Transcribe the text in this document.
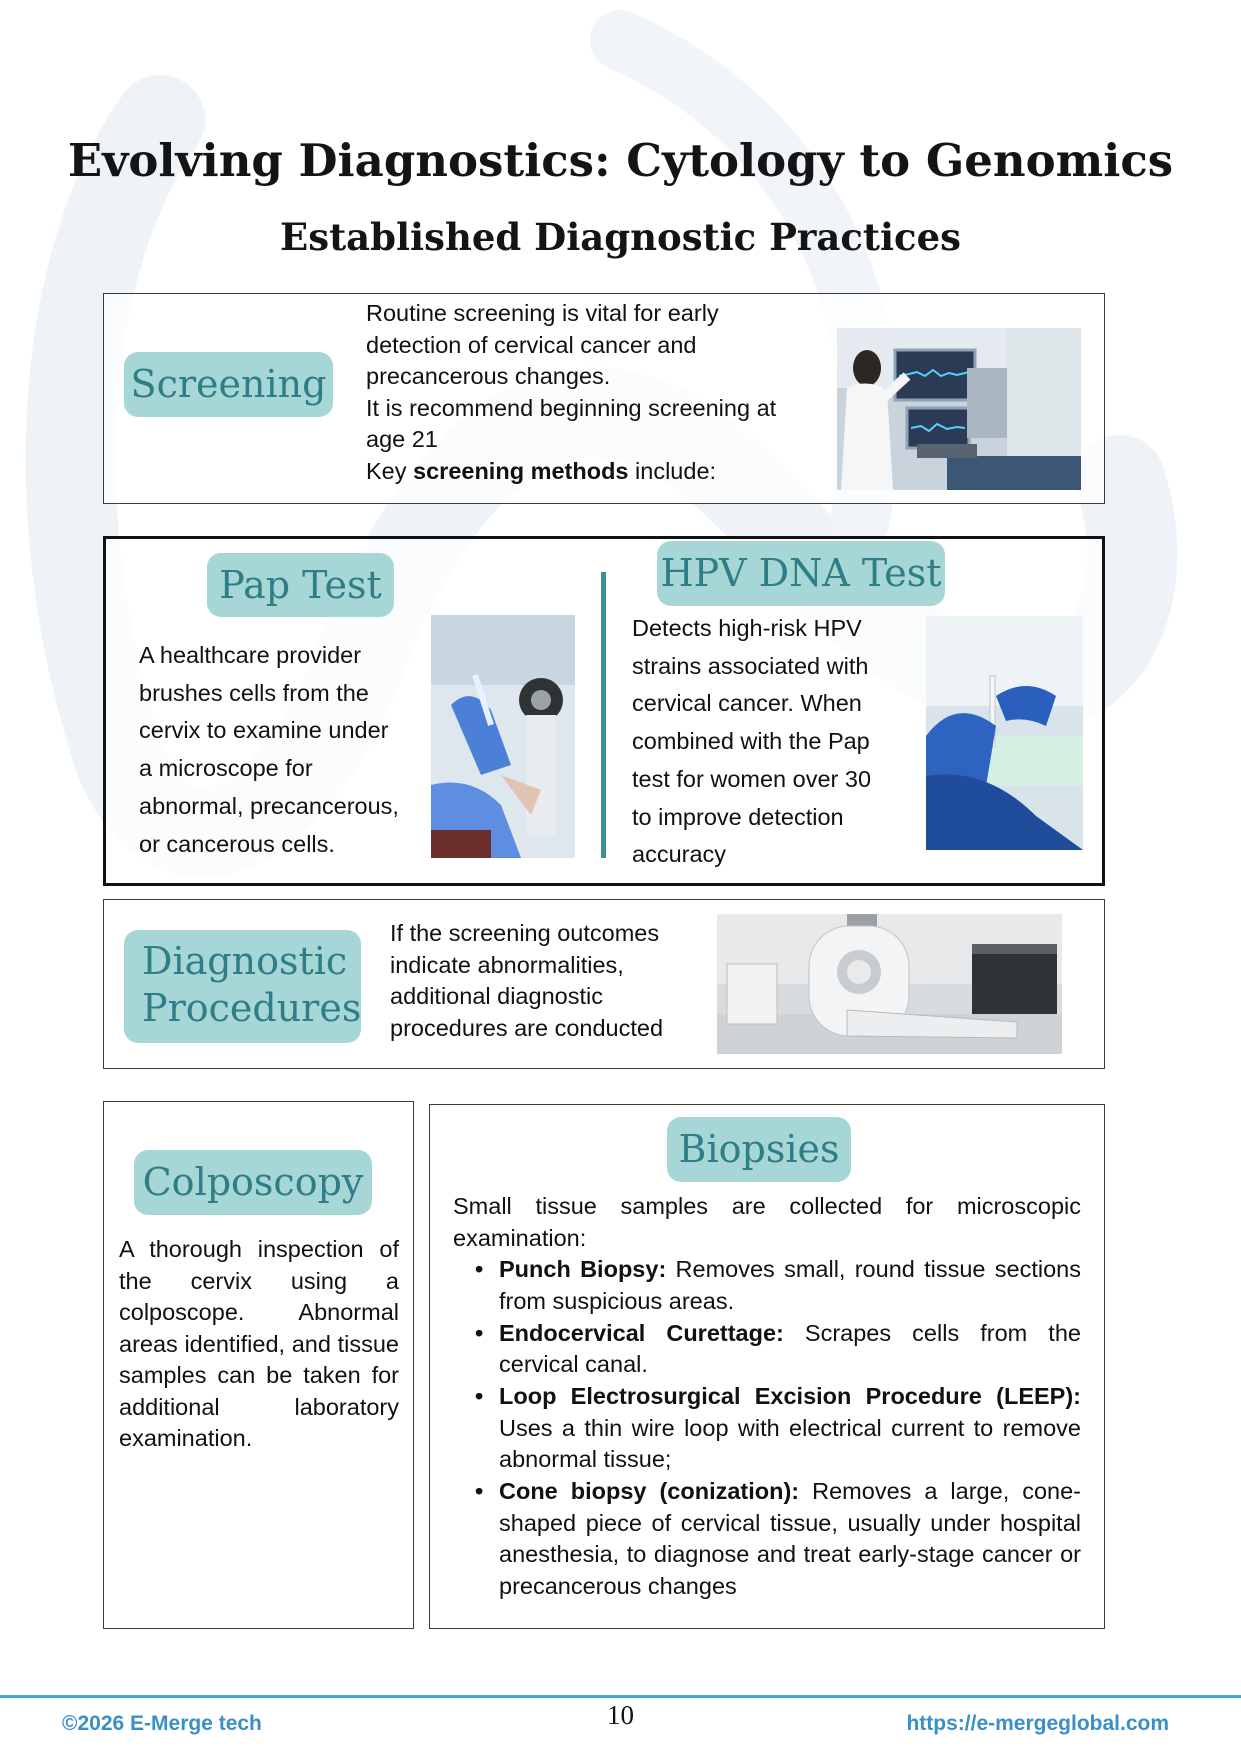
Evolving Diagnostics: Cytology to Genomics
Established Diagnostic Practices
Screening
Routine screening is vital for early
detection of cervical cancer and
precancerous changes.
It is recommend beginning screening at
age 21
Key screening methods include:
Pap Test
A healthcare provider
brushes cells from the
cervix to examine under
a microscope for
abnormal, precancerous,
or cancerous cells.
HPV DNA Test
Detects high-risk HPV
strains associated with
cervical cancer. When
combined with the Pap
test for women over 30
to improve detection
accuracy
Diagnostic
Procedures
If the screening outcomes
indicate abnormalities,
additional diagnostic
procedures are conducted
Colposcopy
A thorough inspection of the cervix using a colposcope. Abnormal areas identified, and tissue samples can be taken for additional laboratory examination.
Biopsies
Small tissue samples are collected for microscopic examination:
• Punch Biopsy: Removes small, round tissue sections from suspicious areas.
• Endocervical Curettage: Scrapes cells from the cervical canal.
• Loop Electrosurgical Excision Procedure (LEEP): Uses a thin wire loop with electrical current to remove abnormal tissue;
• Cone biopsy (conization): Removes a large, cone-shaped piece of cervical tissue, usually under hospital anesthesia, to diagnose and treat early-stage cancer or precancerous changes
©2026 E-Merge tech	10	https://e-mergeglobal.com
